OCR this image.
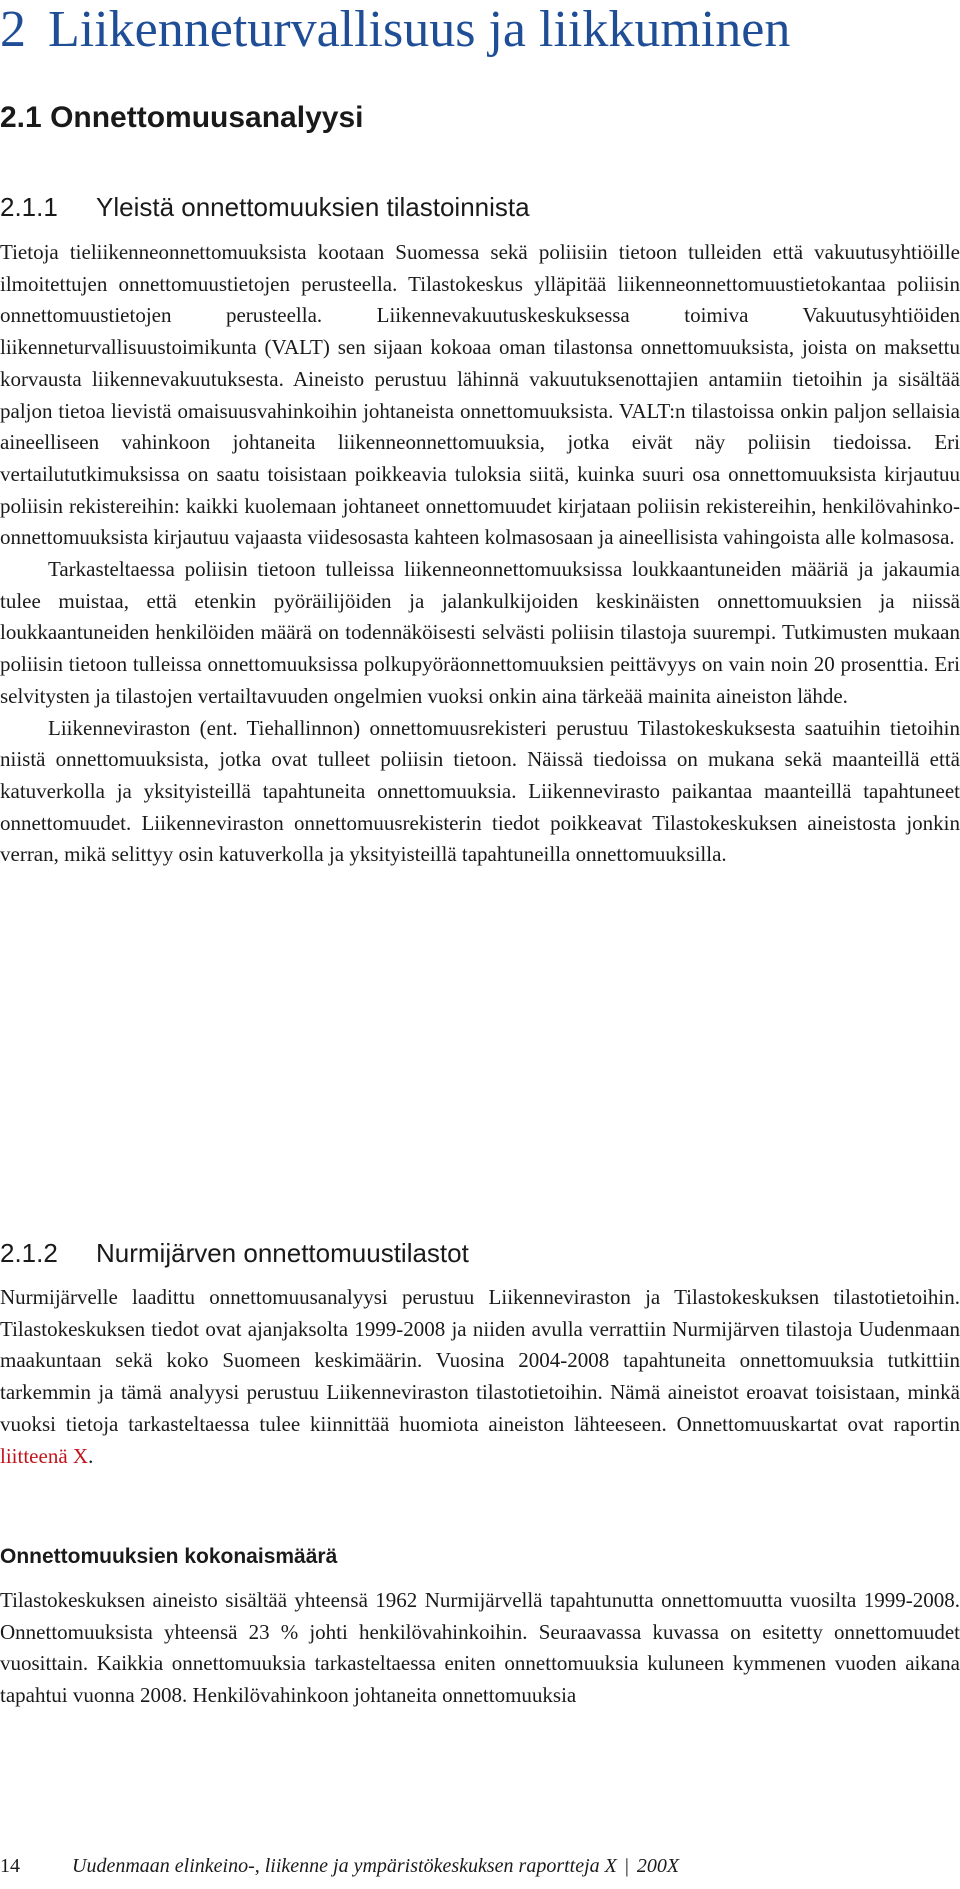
2 Liikenneturvallisuus ja liikkuminen
2.1 Onnettomuusanalyysi
2.1.1 Yleistä onnettomuuksien tilastoinnista

Tietoja tieliikenneonnettomuuksista kootaan Suomessa sekä poliisiin tietoon tulleiden että vakuutusyhtiöille ilmoitettujen onnettomuustietojen perusteella. Tilastokeskus ylläpitää liikenneonnettomuustietokantaa poliisin onnettomuustietojen perusteella. Liikennevakuutuskeskuksessa toimiva Vakuutusyhtiöiden liikenneturvallisuustoimikunta (VALT) sen sijaan kokoaa oman tilastonsa onnettomuuksista, joista on maksettu korvausta liikennevakuutuksesta. Aineisto perustuu lähinnä vakuutuksenottajien antamiin tietoihin ja sisältää paljon tietoa lievistä omaisuusvahinkoihin johtaneista onnettomuuksista. VALT:n tilastoissa onkin paljon sellaisia aineelliseen vahinkoon johtaneita liikenneonnettomuuksia, jotka eivät näy poliisin tiedoissa. Eri vertailututkimuksissa on saatu toisistaan poikkeavia tuloksia siitä, kuinka suuri osa onnettomuuksista kirjautuu poliisin rekistereihin: kaikki kuolemaan johtaneet onnettomuudet kirjataan poliisin rekistereihin, henkilövahinko-onnettomuuksista kirjautuu vajaasta viidesosasta kahteen kolmasosaan ja aineellisista vahingoista alle kolmasosa.

Tarkasteltaessa poliisin tietoon tulleissa liikenneonnettomuuksissa loukkaantuneiden määriä ja jakaumia tulee muistaa, että etenkin pyöräilijöiden ja jalankulkijoiden keskinäisten onnettomuuksien ja niissä loukkaantuneiden henkilöiden määrä on todennäköisesti selvästi poliisin tilastoja suurempi. Tutkimusten mukaan poliisin tietoon tulleissa onnettomuuksissa polkupyöräonnettomuuksien peittävyys on vain noin 20 prosenttia. Eri selvitysten ja tilastojen vertailtavuuden ongelmien vuoksi onkin aina tärkeää mainita aineiston lähde.

Liikenneviraston (ent. Tiehallinnon) onnettomuusrekisteri perustuu Tilastokeskuksesta saatuihin tietoihin niistä onnettomuuksista, jotka ovat tulleet poliisin tietoon. Näissä tiedoissa on mukana sekä maanteillä että katuverkolla ja yksityisteillä tapahtuneita onnettomuuksia. Liikennevirasto paikantaa maanteillä tapahtuneet onnettomuudet. Liikenneviraston onnettomuusrekisterin tiedot poikkeavat Tilastokeskuksen aineistosta jonkin verran, mikä selittyy osin katuverkolla ja yksityisteillä tapahtuneilla onnettomuuksilla.

2.1.2 Nurmijärven onnettomuustilastot

Nurmijärvelle laadittu onnettomuusanalyysi perustuu Liikenneviraston ja Tilastokeskuksen tilastotietoihin. Tilastokeskuksen tiedot ovat ajanjaksolta 1999-2008 ja niiden avulla verrattiin Nurmijärven tilastoja Uudenmaan maakuntaan sekä koko Suomeen keskimäärin. Vuosina 2004-2008 tapahtuneita onnettomuuksia tutkittiin tarkemmin ja tämä analyysi perustuu Liikenneviraston tilastotietoihin. Nämä aineistot eroavat toisistaan, minkä vuoksi tietoja tarkasteltaessa tulee kiinnittää huomiota aineiston lähteeseen. Onnettomuuskartat ovat raportin liitteenä X.

Onnettomuuksien kokonaismäärä

Tilastokeskuksen aineisto sisältää yhteensä 1962 Nurmijärvellä tapahtunutta onnettomuutta vuosilta 1999-2008. Onnettomuuksista yhteensä 23 % johti henkilövahinkoihin. Seuraavassa kuvassa on esitetty onnettomuudet vuosittain. Kaikkia onnettomuuksia tarkasteltaessa eniten onnettomuuksia kuluneen kymmenen vuoden aikana tapahtui vuonna 2008. Henkilövahinkoon johtaneita onnettomuuksia

14	Uudenmaan elinkeino-, liikenne ja ympäristökeskuksen raportteja X | 200X
